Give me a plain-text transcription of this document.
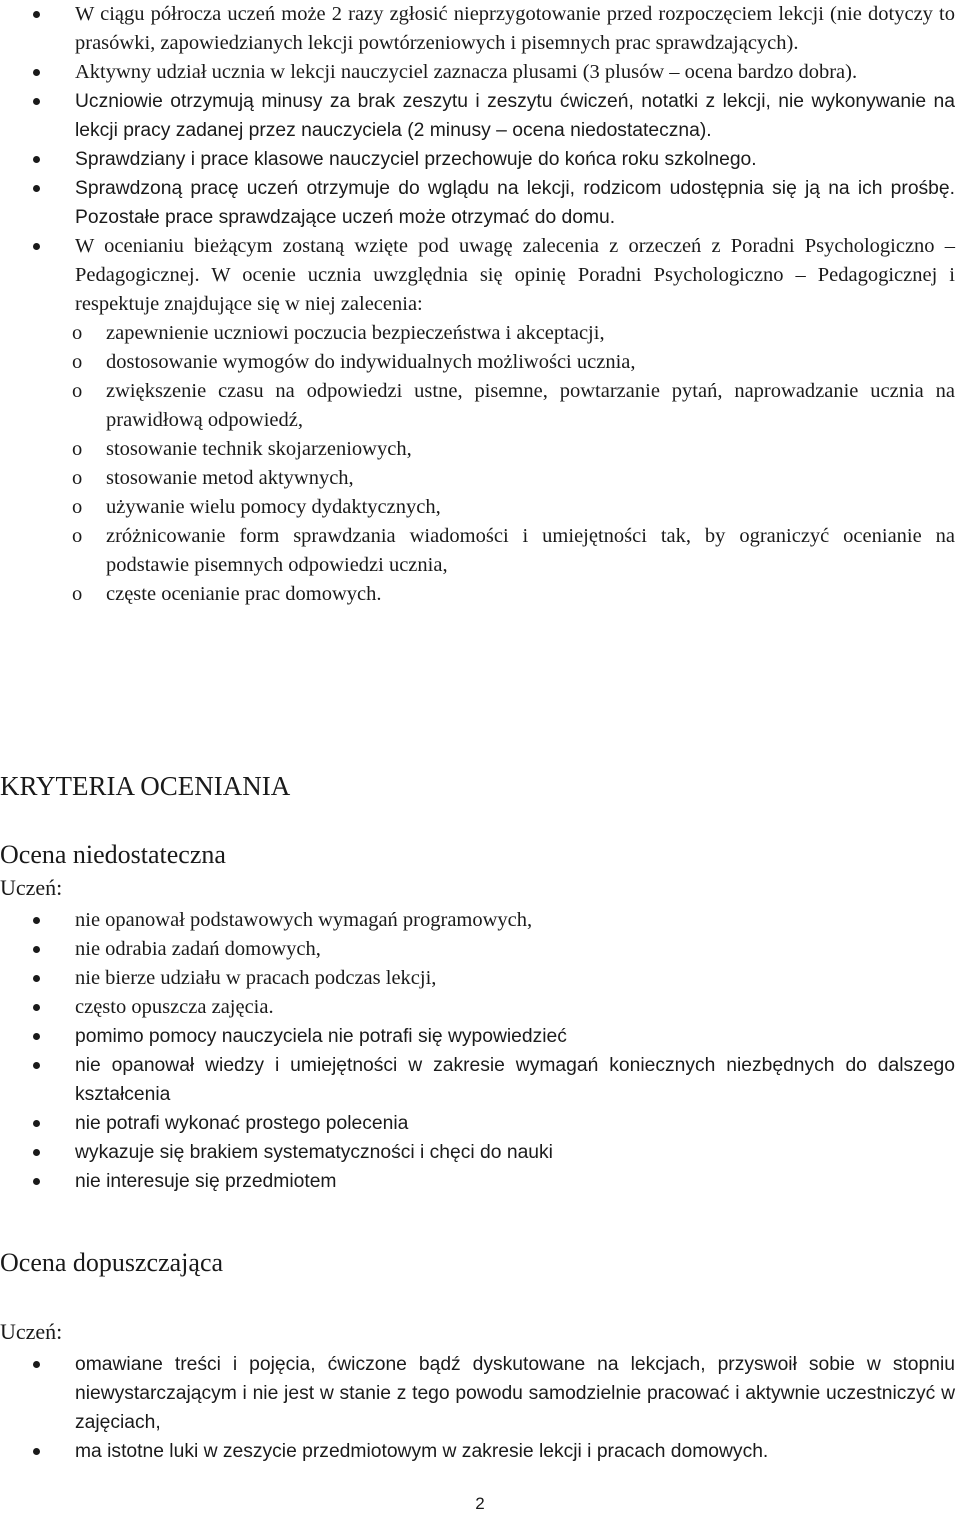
W ciągu półrocza uczeń może 2 razy zgłosić nieprzygotowanie przed rozpoczęciem lekcji (nie dotyczy to prasówki, zapowiedzianych lekcji powtórzeniowych i pisemnych prac sprawdzających).
Aktywny udział ucznia w lekcji nauczyciel zaznacza plusami (3 plusów – ocena bardzo dobra).
Uczniowie otrzymują minusy za brak zeszytu i zeszytu ćwiczeń, notatki z lekcji, nie wykonywanie na lekcji pracy zadanej przez nauczyciela (2 minusy – ocena niedostateczna).
Sprawdziany i prace klasowe nauczyciel przechowuje do końca roku szkolnego.
Sprawdzoną pracę uczeń otrzymuje do wglądu na lekcji, rodzicom udostępnia się ją na ich prośbę. Pozostałe prace sprawdzające uczeń może otrzymać do domu.
W ocenianiu bieżącym zostaną wzięte pod uwagę zalecenia z orzeczeń z Poradni Psychologiczno – Pedagogicznej. W ocenie ucznia uwzględnia się opinię Poradni Psychologiczno – Pedagogicznej i respektuje znajdujące się w niej zalecenia:
o zapewnienie uczniowi poczucia bezpieczeństwa i akceptacji,
o dostosowanie wymogów do indywidualnych możliwości ucznia,
o zwiększenie czasu na odpowiedzi ustne, pisemne, powtarzanie pytań, naprowadzanie ucznia na prawidłową odpowiedź,
o stosowanie technik skojarzeniowych,
o stosowanie metod aktywnych,
o używanie wielu pomocy dydaktycznych,
o zróżnicowanie form sprawdzania wiadomości i umiejętności tak, by ograniczyć ocenianie na podstawie pisemnych odpowiedzi ucznia,
o częste ocenianie prac domowych.
KRYTERIA OCENIANIA
Ocena niedostateczna
Uczeń:
nie opanował podstawowych wymagań programowych,
nie odrabia zadań domowych,
nie bierze udziału w pracach podczas lekcji,
często opuszcza zajęcia.
pomimo pomocy nauczyciela nie potrafi się wypowiedzieć
nie opanował wiedzy i umiejętności w zakresie wymagań koniecznych niezbędnych do dalszego kształcenia
nie potrafi wykonać prostego polecenia
wykazuje się brakiem systematyczności i chęci do nauki
nie interesuje się przedmiotem
Ocena dopuszczająca
Uczeń:
omawiane treści i pojęcia, ćwiczone bądź dyskutowane na lekcjach, przyswoił sobie w stopniu niewystarczającym i nie jest w stanie z tego powodu samodzielnie pracować i aktywnie uczestniczyć w zajęciach,
ma istotne luki w zeszycie przedmiotowym w zakresie lekcji i pracach domowych.
2
